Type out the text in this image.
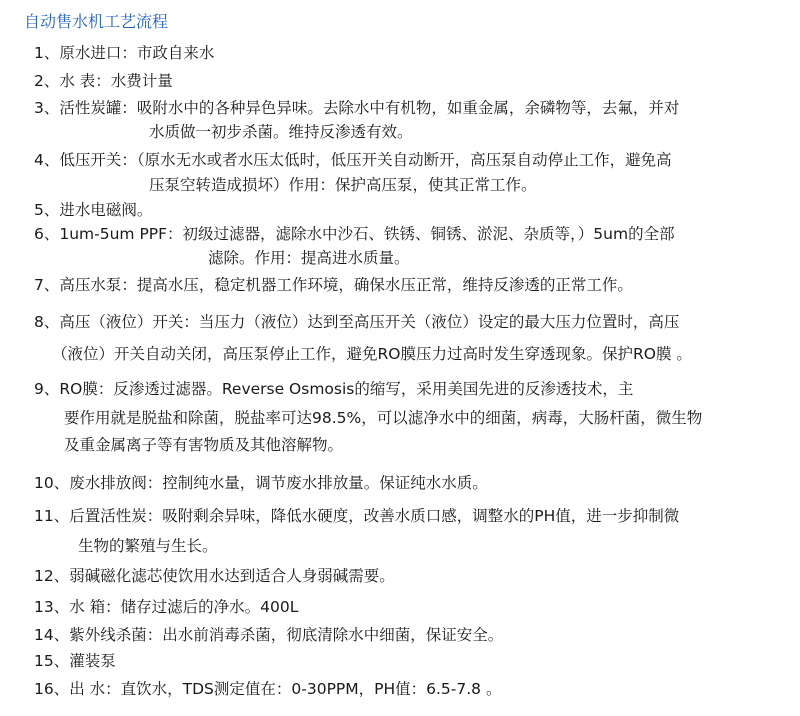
自动售水机工艺流程
1、原水进口：市政自来水
2、水 表：水费计量
3、活性炭罐：吸附水中的各种异色异味。去除水中有机物，如重金属，余磷物等，去氟，并对
水质做一初步杀菌。维持反渗透有效。
4、低压开关：（原水无水或者水压太低时，低压开关自动断开，高压泵自动停止工作，避免高
压泵空转造成损坏）作用：保护高压泵，使其正常工作。
5、进水电磁阀。
6、1um-5um PPF：初级过滤器，滤除水中沙石、铁锈、铜锈、淤泥、杂质等，）5um的全部
滤除。作用：提高进水质量。
7、高压水泵：提高水压，稳定机器工作环境，确保水压正常，维持反渗透的正常工作。
8、高压（液位）开关：当压力（液位）达到至高压开关（液位）设定的最大压力位置时，高压
（液位）开关自动关闭，高压泵停止工作，避免RO膜压力过高时发生穿透现象。保护RO膜 。
9、RO膜：反渗透过滤器。Reverse Osmosis的缩写，采用美国先进的反渗透技术，主
要作用就是脱盐和除菌，脱盐率可达98.5%，可以滤净水中的细菌，病毒，大肠杆菌，微生物
及重金属离子等有害物质及其他溶解物。
10、废水排放阀：控制纯水量，调节废水排放量。保证纯水水质。
11、后置活性炭：吸附剩余异味，降低水硬度，改善水质口感，调整水的PH值，进一步抑制微
生物的繁殖与生长。
12、弱碱磁化滤芯使饮用水达到适合人身弱碱需要。
13、水 箱：储存过滤后的净水。400L
14、紫外线杀菌：出水前消毒杀菌，彻底清除水中细菌，保证安全。
15、灌装泵
16、出 水：直饮水，TDS测定值在：0-30PPM，PH值：6.5-7.8 。
